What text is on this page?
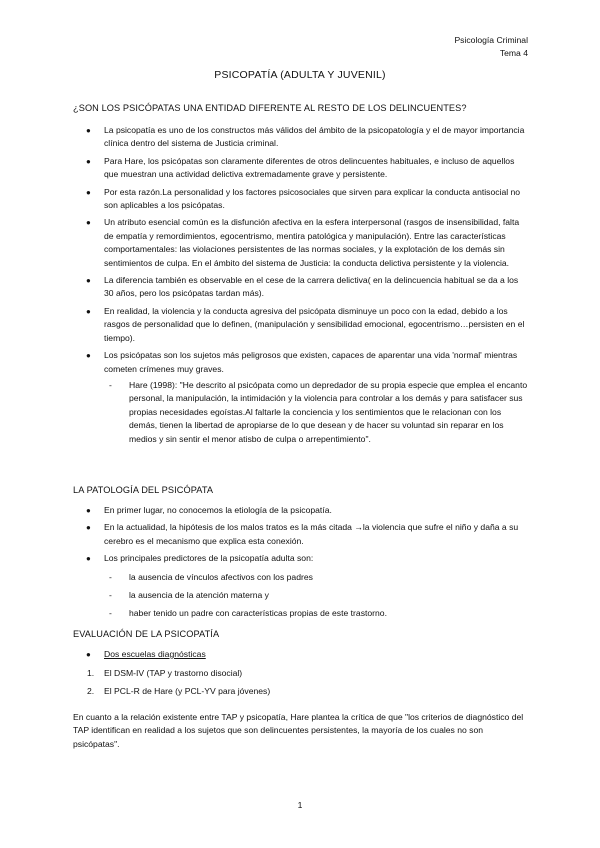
Psicología Criminal
Tema 4
PSICOPATÍA (ADULTA Y JUVENIL)
¿SON LOS PSICÓPATAS UNA ENTIDAD DIFERENTE AL RESTO DE LOS DELINCUENTES?
● La psicopatía es uno de los constructos más válidos del ámbito de la psicopatología y el de mayor importancia clínica dentro del sistema de Justicia criminal.
● Para Hare, los psicópatas son claramente diferentes de otros delincuentes habituales, e incluso de aquellos que muestran una actividad delictiva extremadamente grave y persistente.
● Por esta razón.La personalidad y los factores psicosociales que sirven para explicar la conducta antisocial no son aplicables a los psicópatas.
● Un atributo esencial común es la disfunción afectiva en la esfera interpersonal (rasgos de insensibilidad, falta de empatía y remordimientos, egocentrismo, mentira patológica y manipulación). Entre las características comportamentales: las violaciones persistentes de las normas sociales, y la explotación de los demás sin sentimientos de culpa. En el ámbito del sistema de Justicia: la conducta delictiva persistente y la violencia.
● La diferencia también es observable en el cese de la carrera delictiva( en la delincuencia habitual se da a los 30 años, pero los psicópatas tardan más).
● En realidad, la violencia y la conducta agresiva del psicópata disminuye un poco con la edad, debido a los rasgos de personalidad que lo definen, (manipulación y sensibilidad emocional, egocentrismo…persisten en el tiempo).
● Los psicópatas son los sujetos más peligrosos que existen, capaces de aparentar una vida 'normal' mientras cometen crímenes muy graves.
- Hare (1998): "He descrito al psicópata como un depredador de su propia especie que emplea el encanto personal, la manipulación, la intimidación y la violencia para controlar a los demás y para satisfacer sus propias necesidades egoístas.Al faltarle la conciencia y los sentimientos que le relacionan con los demás, tienen la libertad de apropiarse de lo que desean y de hacer su voluntad sin reparar en los medios y sin sentir el menor atisbo de culpa o arrepentimiento".
LA PATOLOGÍA DEL PSICÓPATA
● En primer lugar, no conocemos la etiología de la psicopatía.
● En la actualidad, la hipótesis de los malos tratos es la más citada →la violencia que sufre el niño y daña a su cerebro es el mecanismo que explica esta conexión.
● Los principales predictores de la psicopatía adulta son:
- la ausencia de vínculos afectivos con los padres
- la ausencia de la atención materna y
- haber tenido un padre con características propias de este trastorno.
EVALUACIÓN DE LA PSICOPATÍA
● Dos escuelas diagnósticas
1. El DSM-IV (TAP y trastorno disocial)
2. El PCL-R de Hare (y PCL-YV para jóvenes)
En cuanto a la relación existente entre TAP y psicopatía, Hare plantea la crítica de que "los criterios de diagnóstico del TAP identifican en realidad a los sujetos que son delincuentes persistentes, la mayoría de los cuales no son psicópatas".
1
